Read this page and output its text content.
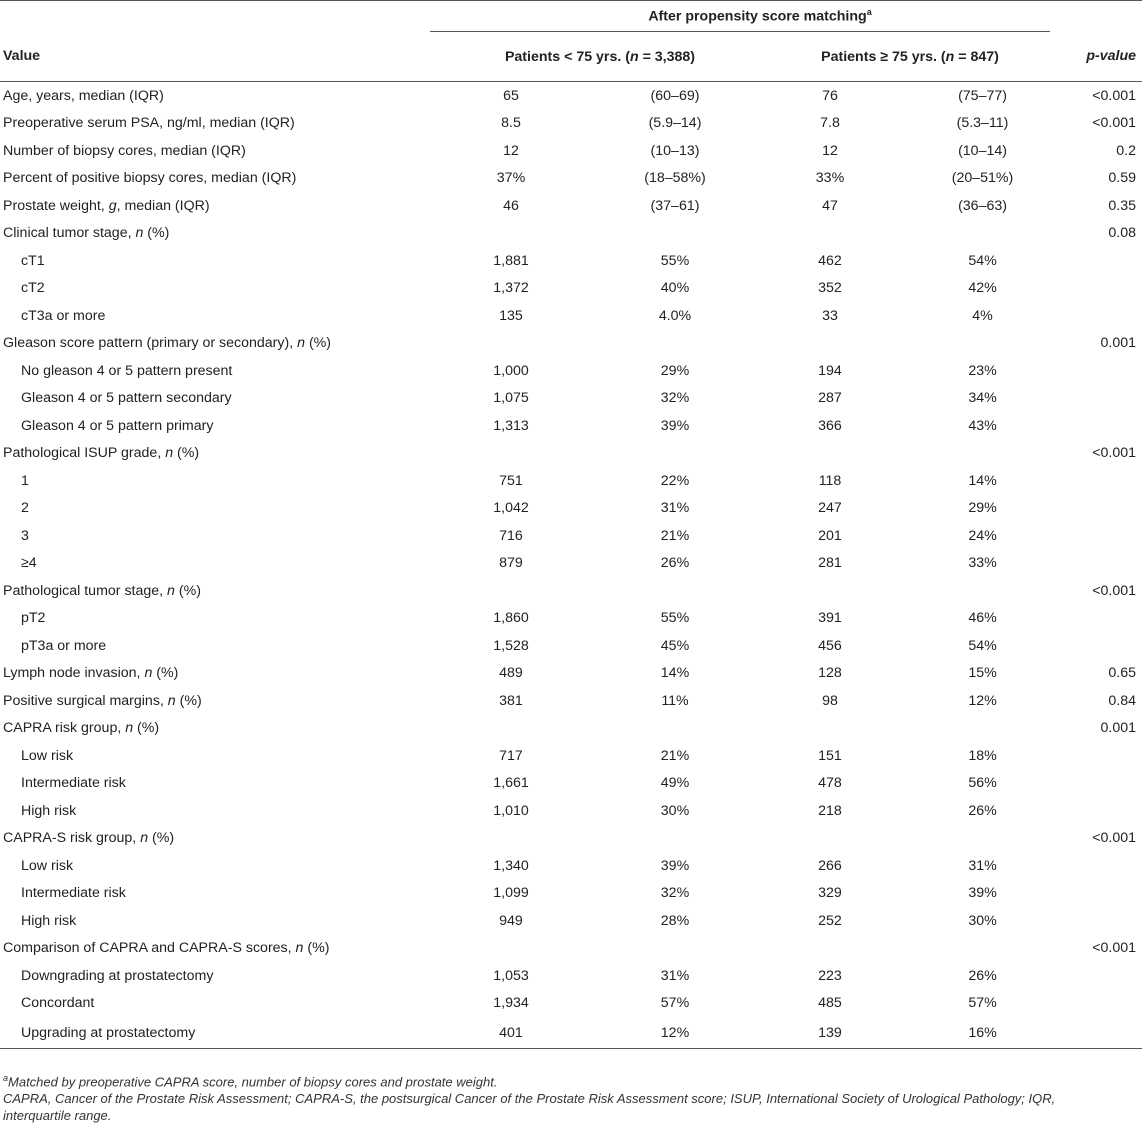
	After propensity score matching$^a$	
Value	Patients < 75 yrs. (n = 3,388)		Patients ≥ 75 yrs. (n = 847)		p-value
Age, years, median (IQR)	65	(60–69)	76	(75–77)	<0.001
Preoperative serum PSA, ng/ml, median (IQR)	8.5	(5.9–14)	7.8	(5.3–11)	<0.001
Number of biopsy cores, median (IQR)	12	(10–13)	12	(10–14)	0.2
Percent of positive biopsy cores, median (IQR)	37%	(18–58%)	33%	(20–51%)	0.59
Prostate weight, g, median (IQR)	46	(37–61)	47	(36–63)	0.35
Clinical tumor stage, n (%)					0.08
cT1	1,881	55%	462	54%	
cT2	1,372	40%	352	42%	
cT3a or more	135	4.0%	33	4%	
Gleason score pattern (primary or secondary), n (%)					0.001
No gleason 4 or 5 pattern present	1,000	29%	194	23%	
Gleason 4 or 5 pattern secondary	1,075	32%	287	34%	
Gleason 4 or 5 pattern primary	1,313	39%	366	43%	
Pathological ISUP grade, n (%)					<0.001
1	751	22%	118	14%	
2	1,042	31%	247	29%	
3	716	21%	201	24%	
≥4	879	26%	281	33%	
Pathological tumor stage, n (%)					<0.001
pT2	1,860	55%	391	46%	
pT3a or more	1,528	45%	456	54%	
Lymph node invasion, n (%)	489	14%	128	15%	0.65
Positive surgical margins, n (%)	381	11%	98	12%	0.84
CAPRA risk group, n (%)					0.001
Low risk	717	21%	151	18%	
Intermediate risk	1,661	49%	478	56%	
High risk	1,010	30%	218	26%	
CAPRA-S risk group, n (%)					<0.001
Low risk	1,340	39%	266	31%	
Intermediate risk	1,099	32%	329	39%	
High risk	949	28%	252	30%	
Comparison of CAPRA and CAPRA-S scores, n (%)					<0.001
Downgrading at prostatectomy	1,053	31%	223	26%	
Concordant	1,934	57%	485	57%	
Upgrading at prostatectomy	401	12%	139	16%	

$^a$Matched by preoperative CAPRA score, number of biopsy cores and prostate weight.

CAPRA, Cancer of the Prostate Risk Assessment; CAPRA-S, the postsurgical Cancer of the Prostate Risk Assessment score; ISUP, International Society of Urological Pathology; IQR, interquartile range.
